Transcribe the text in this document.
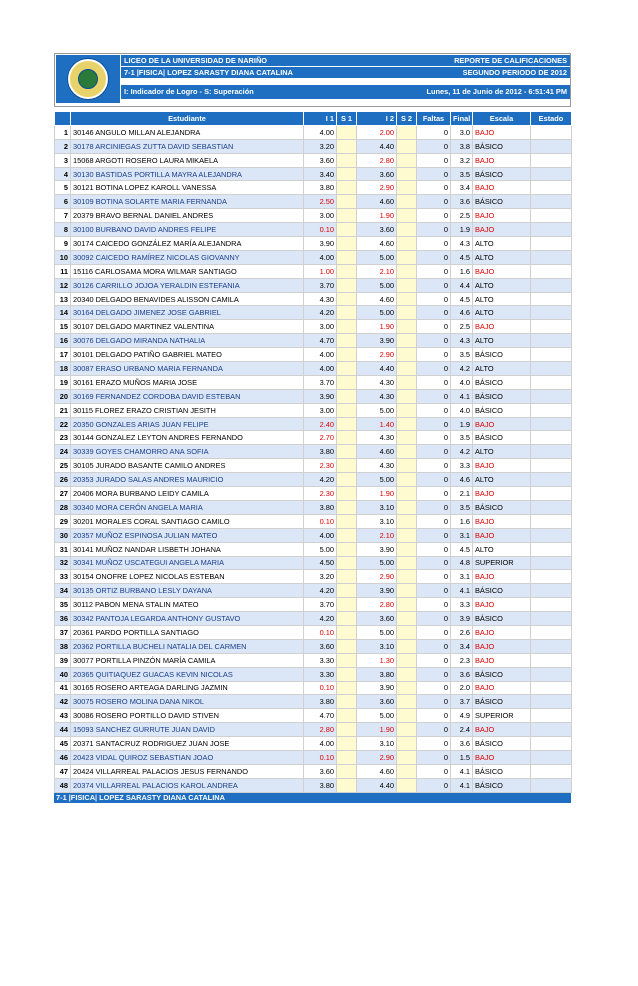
LICEO DE LA UNIVERSIDAD DE NARIÑO	REPORTE DE CALIFICACIONES
7-1 |FISICA| LOPEZ SARASTY DIANA CATALINA	SEGUNDO PERIODO DE 2012
I: Indicador de Logro - S: Superación	Lunes, 11 de Junio de 2012 - 6:51:41 PM
	Estudiante	I 1	S 1	I 2	S 2	Faltas	Final	Escala	Estado
1	30146 ANGULO MILLAN ALEJANDRA	4.00		2.00		0	3.0	BAJO	
2	30178 ARCINIEGAS ZUTTA DAVID SEBASTIAN	3.20		4.40		0	3.8	BÁSICO	
3	15068 ARGOTI ROSERO LAURA MIKAELA	3.60		2.80		0	3.2	BAJO	
4	30130 BASTIDAS PORTILLA MAYRA ALEJANDRA	3.40		3.60		0	3.5	BÁSICO	
5	30121 BOTINA LOPEZ KAROLL VANESSA	3.80		2.90		0	3.4	BAJO	
6	30109 BOTINA SOLARTE MARIA FERNANDA	2.50		4.60		0	3.6	BÁSICO	
7	20379 BRAVO BERNAL DANIEL ANDRES	3.00		1.90		0	2.5	BAJO	
8	30100 BURBANO DAVID ANDRES FELIPE	0.10		3.60		0	1.9	BAJO	
9	30174 CAICEDO GONZÁLEZ MARÍA ALEJANDRA	3.90		4.60		0	4.3	ALTO	
10	30092 CAICEDO RAMÍREZ NICOLAS GIOVANNY	4.00		5.00		0	4.5	ALTO	
11	15116 CARLOSAMA MORA WILMAR SANTIAGO	1.00		2.10		0	1.6	BAJO	
12	30126 CARRILLO JOJOA YERALDIN ESTEFANIA	3.70		5.00		0	4.4	ALTO	
13	20340 DELGADO BENAVIDES ALISSON CAMILA	4.30		4.60		0	4.5	ALTO	
14	30164 DELGADO JIMENEZ JOSE GABRIEL	4.20		5.00		0	4.6	ALTO	
15	30107 DELGADO MARTINEZ VALENTINA	3.00		1.90		0	2.5	BAJO	
16	30076 DELGADO MIRANDA NATHALIA	4.70		3.90		0	4.3	ALTO	
17	30101 DELGADO PATIÑO GABRIEL MATEO	4.00		2.90		0	3.5	BÁSICO	
18	30087 ERASO URBANO MARIA FERNANDA	4.00		4.40		0	4.2	ALTO	
19	30161 ERAZO MUÑOS MARIA JOSE	3.70		4.30		0	4.0	BÁSICO	
20	30169 FERNANDEZ CORDOBA DAVID ESTEBAN	3.90		4.30		0	4.1	BÁSICO	
21	30115 FLOREZ ERAZO CRISTIAN JESITH	3.00		5.00		0	4.0	BÁSICO	
22	20350 GONZALES ARIAS JUAN FELIPE	2.40		1.40		0	1.9	BAJO	
23	30144 GONZALEZ LEYTON ANDRES FERNANDO	2.70		4.30		0	3.5	BÁSICO	
24	30339 GOYES CHAMORRO ANA SOFIA	3.80		4.60		0	4.2	ALTO	
25	30105 JURADO BASANTE CAMILO ANDRES	2.30		4.30		0	3.3	BAJO	
26	20353 JURADO SALAS ANDRES MAURICIO	4.20		5.00		0	4.6	ALTO	
27	20406 MORA BURBANO LEIDY CAMILA	2.30		1.90		0	2.1	BAJO	
28	30340 MORA CERÓN ANGELA MARIA	3.80		3.10		0	3.5	BÁSICO	
29	30201 MORALES CORAL SANTIAGO CAMILO	0.10		3.10		0	1.6	BAJO	
30	20357 MUÑOZ ESPINOSA JULIAN MATEO	4.00		2.10		0	3.1	BAJO	
31	30141 MUÑOZ NANDAR LISBETH JOHANA	5.00		3.90		0	4.5	ALTO	
32	30341 MUÑOZ USCATEGUI ANGELA MARIA	4.50		5.00		0	4.8	SUPERIOR	
33	30154 ONOFRE LOPEZ NICOLAS ESTEBAN	3.20		2.90		0	3.1	BAJO	
34	30135 ORTIZ BURBANO LESLY DAYANA	4.20		3.90		0	4.1	BÁSICO	
35	30112 PABON MENA STALIN MATEO	3.70		2.80		0	3.3	BAJO	
36	30342 PANTOJA LEGARDA ANTHONY GUSTAVO	4.20		3.60		0	3.9	BÁSICO	
37	20361 PARDO PORTILLA SANTIAGO	0.10		5.00		0	2.6	BAJO	
38	20362 PORTILLA BUCHELI NATALIA DEL CARMEN	3.60		3.10		0	3.4	BAJO	
39	30077 PORTILLA PINZÓN MARÍA CAMILA	3.30		1.30		0	2.3	BAJO	
40	20365 QUITIAQUEZ GUACAS KEVIN NICOLAS	3.30		3.80		0	3.6	BÁSICO	
41	30165 ROSERO ARTEAGA DARLING JAZMIN	0.10		3.90		0	2.0	BAJO	
42	30075 ROSERO MOLINA DANA NIKOL	3.80		3.60		0	3.7	BÁSICO	
43	30086 ROSERO PORTILLO DAVID STIVEN	4.70		5.00		0	4.9	SUPERIOR	
44	15093 SANCHEZ GURRUTE JUAN DAVID	2.80		1.90		0	2.4	BAJO	
45	20371 SANTACRUZ RODRIGUEZ JUAN JOSE	4.00		3.10		0	3.6	BÁSICO	
46	20423 VIDAL QUIROZ SEBASTIAN JOAO	0.10		2.90		0	1.5	BAJO	
47	20424 VILLARREAL PALACIOS JESUS FERNANDO	3.60		4.60		0	4.1	BÁSICO	
48	20374 VILLARREAL PALACIOS KAROL ANDREA	3.80		4.40		0	4.1	BÁSICO	
7-1 |FISICA| LOPEZ SARASTY DIANA CATALINA
